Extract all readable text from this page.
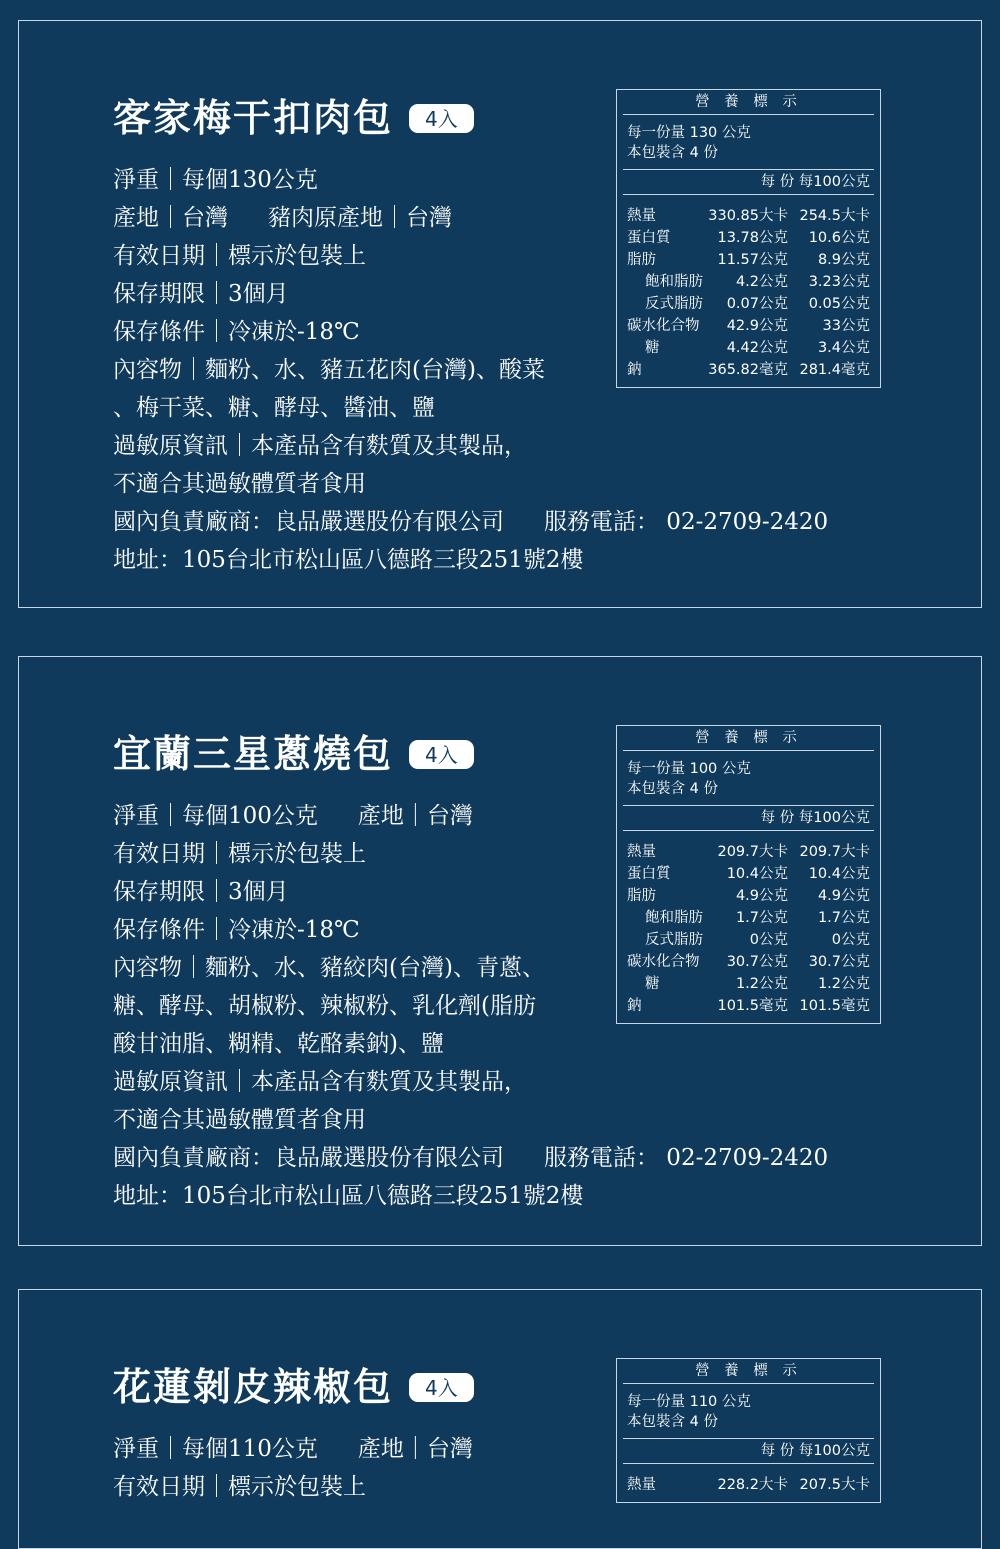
客家梅干扣肉包	4入
淨重｜每個130公克
產地｜台灣 豬肉原產地｜台灣
有效日期｜標示於包裝上
保存期限｜3個月
保存條件｜冷凍於-18℃
內容物｜麵粉、水、豬五花肉(台灣)、酸菜
、梅干菜、糖、酵母、醬油、鹽
過敏原資訊｜本產品含有麩質及其製品，
不適合其過敏體質者食用
國內負責廠商：良品嚴選股份有限公司 服務電話： 02-2709-2420
地址：105台北市松山區八德路三段251號2樓
營 養 標 示
每一份量 130 公克
本包裝含 4 份
每 份 每100公克
熱量	330.85大卡 254.5大卡
蛋白質	13.78公克	10.6公克
脂肪	11.57公克	8.9公克
飽和脂肪	4.2公克	3.23公克
反式脂肪	0.07公克	0.05公克
碳水化合物	42.9公克	33公克
糖	4.42公克	3.4公克
鈉	365.82毫克 281.4毫克
宜蘭三星蔥燒包	4入
淨重｜每個100公克 產地｜台灣
有效日期｜標示於包裝上
保存期限｜3個月
保存條件｜冷凍於-18℃
內容物｜麵粉、水、豬絞肉(台灣)、青蔥、
糖、酵母、胡椒粉、辣椒粉、乳化劑(脂肪
酸甘油脂、糊精、乾酪素鈉)、鹽
過敏原資訊｜本產品含有麩質及其製品，
不適合其過敏體質者食用
國內負責廠商：良品嚴選股份有限公司 服務電話： 02-2709-2420
地址：105台北市松山區八德路三段251號2樓
營 養 標 示
每一份量 100 公克
本包裝含 4 份
每 份 每100公克
熱量	209.7大卡 209.7大卡
蛋白質	10.4公克	10.4公克
脂肪	4.9公克	4.9公克
飽和脂肪	1.7公克	1.7公克
反式脂肪	0公克	0公克
碳水化合物	30.7公克	30.7公克
糖	1.2公克	1.2公克
鈉	101.5毫克 101.5毫克
花蓮剝皮辣椒包	4入
淨重｜每個110公克 產地｜台灣
有效日期｜標示於包裝上
營 養 標 示
每一份量 110 公克
本包裝含 4 份
每 份 每100公克
熱量	228.2大卡 207.5大卡
